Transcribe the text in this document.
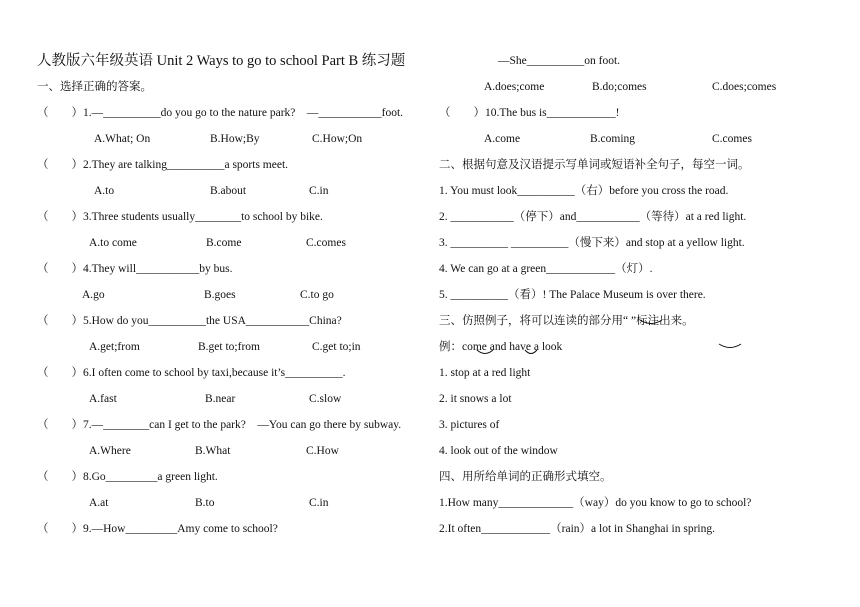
人教版六年级英语 Unit 2 Ways to go to school Part B 练习题
一、选择正确的答案。
（　　）1.—__________do you go to the nature park?　—___________foot.
A.What; On	B.How;By	C.How;On
（　　）2.They are talking__________a sports meet.
A.to	B.about	C.in
（　　）3.Three students usually________to school by bike.
A.to come	B.come	C.comes
（　　）4.They will___________by bus.
A.go	B.goes	C.to go
（　　）5.How do you__________the USA___________China?
A.get;from	B.get to;from	C.get to;in
（　　）6.I often come to school by taxi,because it’s__________.
A.fast	B.near	C.slow
（　　）7.—________can I get to the park?　—You can go there by subway.
A.Where	B.What	C.How
（　　）8.Go_________a green light.
A.at	B.to	C.in
（　　）9.—How_________Amy come to school?
—She__________on foot.
A.does;come	B.do;comes	C.does;comes
（　　）10.The bus is____________!
A.come	B.coming	C.comes
二、根据句意及汉语提示写单词或短语补全句子，每空一词。
1. You must look__________（右）before you cross the road.
2. ___________（停下）and___________（等待）at a red light.
3. __________ __________（慢下来）and stop at a yellow light.
4. We can go at a green____________（灯）.
5. __________（看）! The Palace Museum is over there.
三、仿照例子，将可以连读的部分用“ ”标注出来。
例：come and have a look
1. stop at a red light
2. it snows a lot
3. pictures of
4. look out of the window
四、用所给单词的正确形式填空。
1.How many_____________（way）do you know to go to school?
2.It often____________（rain）a lot in Shanghai in spring.
